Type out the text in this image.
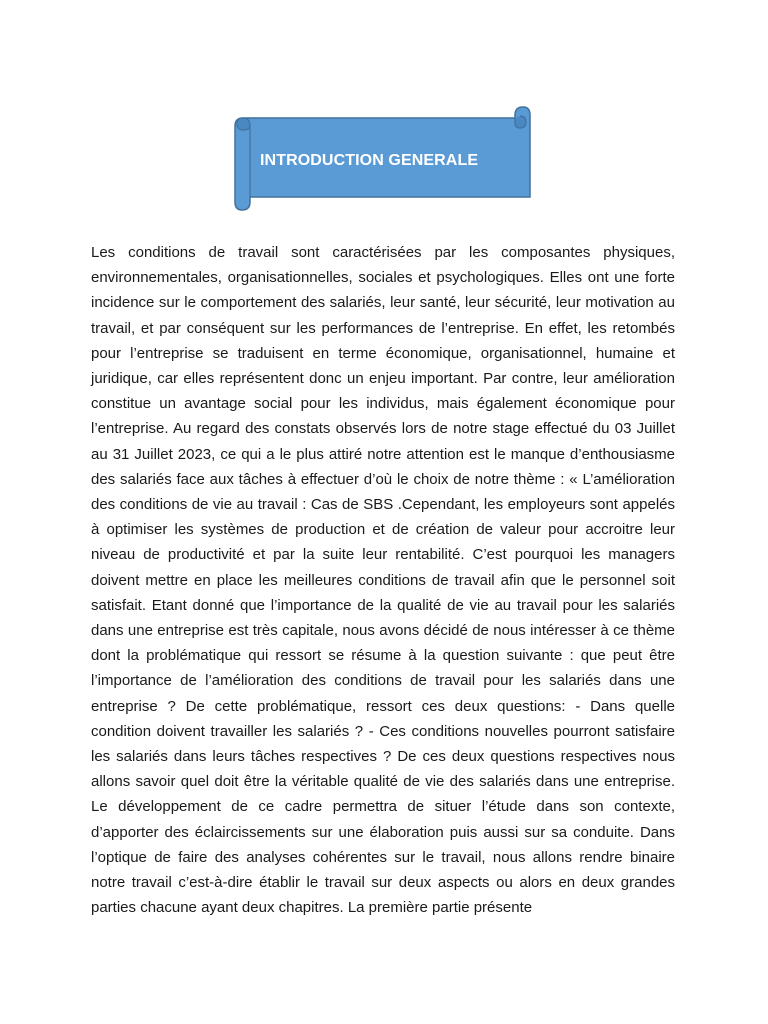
INTRODUCTION GENERALE

Les conditions de travail sont caractérisées par les composantes physiques, environnementales, organisationnelles, sociales et psychologiques. Elles ont une forte incidence sur le comportement des salariés, leur santé, leur sécurité, leur motivation au travail, et par conséquent sur les performances de l’entreprise. En effet, les retombés pour l’entreprise se traduisent en terme économique, organisationnel, humaine et juridique, car elles représentent donc un enjeu important. Par contre, leur amélioration constitue un avantage social pour les individus, mais également économique pour l’entreprise. Au regard des constats observés lors de notre stage effectué du 03 Juillet au 31 Juillet 2023, ce qui a le plus attiré notre attention est le manque d’enthousiasme des salariés face aux tâches à effectuer d’où le choix de notre thème : « L’amélioration des conditions de vie au travail : Cas de SBS .Cependant, les employeurs sont appelés à optimiser les systèmes de production et de création de valeur pour accroitre leur niveau de productivité et par la suite leur rentabilité. C’est pourquoi les managers doivent mettre en place les meilleures conditions de travail afin que le personnel soit satisfait. Etant donné que l’importance de la qualité de vie au travail pour les salariés dans une entreprise est très capitale, nous avons décidé de nous intéresser à ce thème dont la problématique qui ressort se résume à la question suivante : que peut être l’importance de l’amélioration des conditions de travail pour les salariés dans une entreprise ? De cette problématique, ressort ces deux questions: - Dans quelle condition doivent travailler les salariés ? - Ces conditions nouvelles pourront satisfaire les salariés dans leurs tâches respectives ? De ces deux questions respectives nous allons savoir quel doit être la véritable qualité de vie des salariés dans une entreprise. Le développement de ce cadre permettra de situer l’étude dans son contexte, d’apporter des éclaircissements sur une élaboration puis aussi sur sa conduite. Dans l’optique de faire des analyses cohérentes sur le travail, nous allons rendre binaire notre travail c’est-à-dire établir le travail sur deux aspects ou alors en deux grandes parties chacune ayant deux chapitres. La première partie présente
